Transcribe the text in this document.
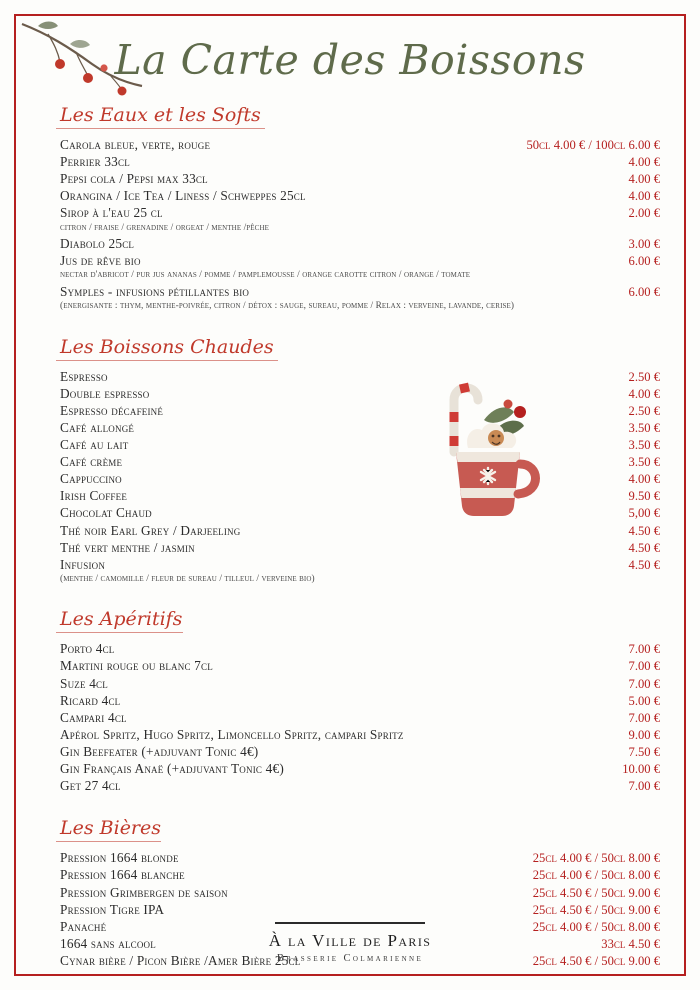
La Carte des Boissons
Les Eaux et les Softs
Carola bleue, verte, rouge	50cl 4.00 € / 100cl 6.00 €
Perrier 33cl	4.00 €
Pepsi cola / Pepsi max 33cl	4.00 €
Orangina / Ice Tea / Liness / Schweppes 25cl	4.00 €
Sirop à l'eau 25 cl	2.00 €
citron / fraise / grenadine / orgeat / menthe /pêche
Diabolo 25cl	3.00 €
Jus de rêve bio	6.00 €
nectar d'abricot / pur jus ananas / pomme / pamplemousse / orange carotte citron / orange / tomate
Symples - infusions pétillantes bio	6.00 €
(energisante : thym, menthe-poivrée, citron / détox : sauge, sureau, pomme / Relax : verveine, lavande, cerise)
Les Boissons Chaudes
Espresso	2.50 €
Double espresso	4.00 €
Espresso décafeiné	2.50 €
Café allongé	3.50 €
Café au lait	3.50 €
Café crème	3.50 €
Cappuccino	4.00 €
Irish Coffee	9.50 €
Chocolat Chaud	5,00 €
Thé noir Earl Grey / Darjeeling	4.50 €
Thé vert menthe / jasmin	4.50 €
Infusion	4.50 €
(menthe / camomille / fleur de sureau / tilleul / verveine bio)
Les Apéritifs
Porto 4cl	7.00 €
Martini rouge ou blanc 7cl	7.00 €
Suze 4cl	7.00 €
Ricard 4cl	5.00 €
Campari 4cl	7.00 €
Apérol Spritz, Hugo Spritz, Limoncello Spritz, campari Spritz	9.00 €
Gin Beefeater (+adjuvant Tonic 4€)	7.50 €
Gin Français Anaë (+adjuvant Tonic 4€)	10.00 €
Get 27 4cl	7.00 €
Les Bières
Pression 1664 blonde	25cl 4.00 € / 50cl 8.00 €
Pression 1664 blanche	25cl 4.00 € / 50cl 8.00 €
Pression Grimbergen de saison	25cl 4.50 € / 50cl 9.00 €
Pression Tigre IPA	25cl 4.50 € / 50cl 9.00 €
Panaché	25cl 4.00 € / 50cl 8.00 €
1664 sans alcool	33cl 4.50 €
Cynar bière / Picon Bière /Amer Bière 25cl	25cl 4.50 € / 50cl 9.00 €
À la Ville de Paris
Brasserie Colmarienne
